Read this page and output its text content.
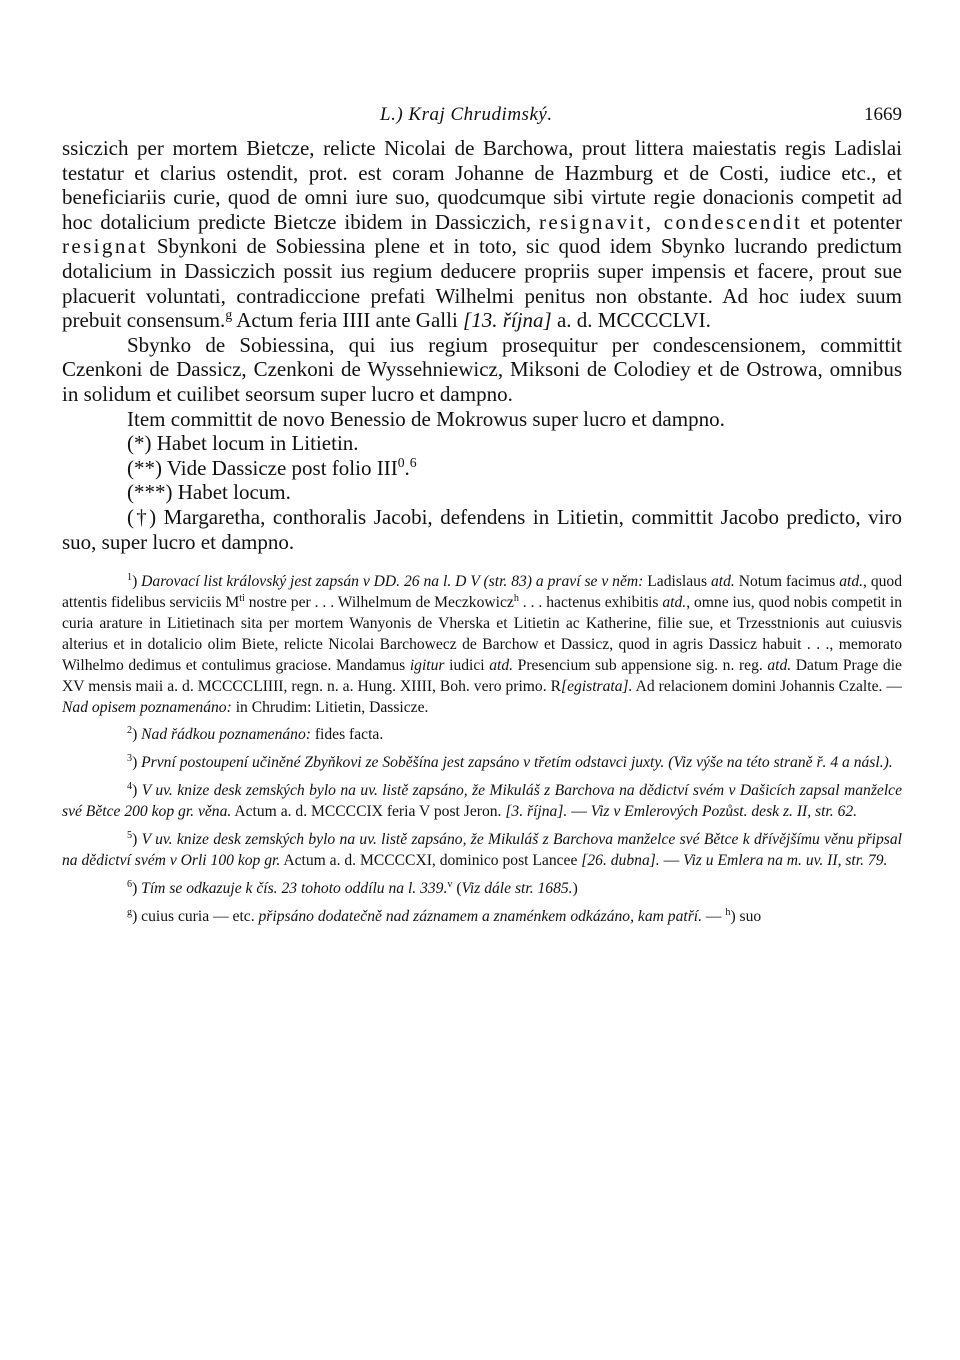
L.) Kraj Chrudimský.	1669

ssiczich per mortem Bietcze, relicte Nicolai de Barchowa, prout littera maiestatis regis Ladislai testatur et clarius ostendit, prot. est coram Johanne de Hazmburg et de Costi, iudice etc., et beneficiariis curie, quod de omni iure suo, quodcumque sibi virtute regie donacionis competit ad hoc dotalicium predicte Bietcze ibidem in Dassiczich, resignavit, condescendit et potenter resignat Sbynkoni de Sobiessina plene et in toto, sic quod idem Sbynko lucrando predictum dotalicium in Dassiczich possit ius regium deducere propriis super impensis et facere, prout sue placuerit voluntati, contradiccione prefati Wilhelmi penitus non obstante. Ad hoc iudex suum prebuit consensum.$^g$ Actum feria IIII ante Galli [13. října] a. d. MCCCCLVI.

Sbynko de Sobiessina, qui ius regium prosequitur per condescensionem, committit Czenkoni de Dassicz, Czenkoni de Wyssehniewicz, Miksoni de Colodiey et de Ostrowa, omnibus in solidum et cuilibet seorsum super lucro et dampno.

Item committit de novo Benessio de Mokrowus super lucro et dampno.

(*) Habet locum in Litietin.

(**) Vide Dassicze post folio III$^0$.$^6$

(***) Habet locum.

(†) Margaretha, conthoralis Jacobi, defendens in Litietin, committit Jacobo predicto, viro suo, super lucro et dampno.

$^1$) Darovací list královský jest zapsán v DD. 26 na l. D V (str. 83) a praví se v něm: Ladislaus atd. Notum facimus atd., quod attentis fidelibus serviciis $M^{ti}$ nostre per . . . Wilhelmum de Meczkowicz$^h$ . . . hactenus exhibitis atd., omne ius, quod nobis competit in curia arature in Litietinach sita per mortem Wanyonis de Vherska et Litietin ac Katherine, filie sue, et Trzesstnionis aut cuiusvis alterius et in dotalicio olim Biete, relicte Nicolai Barchowecz de Barchow et Dassicz, quod in agris Dassicz habuit . . ., memorato Wilhelmo dedimus et contulimus graciose. Mandamus igitur iudici atd. Presencium sub appensione sig. n. reg. atd. Datum Prage die XV mensis maii a. d. MCCCCLIIII, regn. n. a. Hung. XIIII, Boh. vero primo. R[egistrata]. Ad relacionem domini Johannis Czalte. — Nad opisem poznamenáno: in Chrudim: Litietin, Dassicze.

$^2$) Nad řádkou poznamenáno: fides facta.

$^3$) První postoupení učiněné Zbyňkovi ze Soběšína jest zapsáno v třetím odstavci juxty. (Viz výše na této straně ř. 4 a násl.).

$^4$) V uv. knize desk zemských bylo na uv. listě zapsáno, že Mikuláš z Barchova na dědictví svém v Dašicích zapsal manželce své Bětce 200 kop gr. věna. Actum a. d. MCCCCIX feria V post Jeron. [3. října]. — Viz v Emlerových Pozůst. desk z. II, str. 62.

$^5$) V uv. knize desk zemských bylo na uv. listě zapsáno, že Mikuláš z Barchova manželce své Bětce k dřívějšímu věnu připsal na dědictví svém v Orli 100 kop gr. Actum a. d. MCCCCXI, dominico post Lancee [26. dubna]. — Viz u Emlera na m. uv. II, str. 79.

$^6$) Tím se odkazuje k čís. 23 tohoto oddílu na l. 339.$^v$ (Viz dále str. 1685.)

$^g$) cuius curia — etc. připsáno dodatečně nad záznamem a znaménkem odkázáno, kam patří. — $^h$) suo
